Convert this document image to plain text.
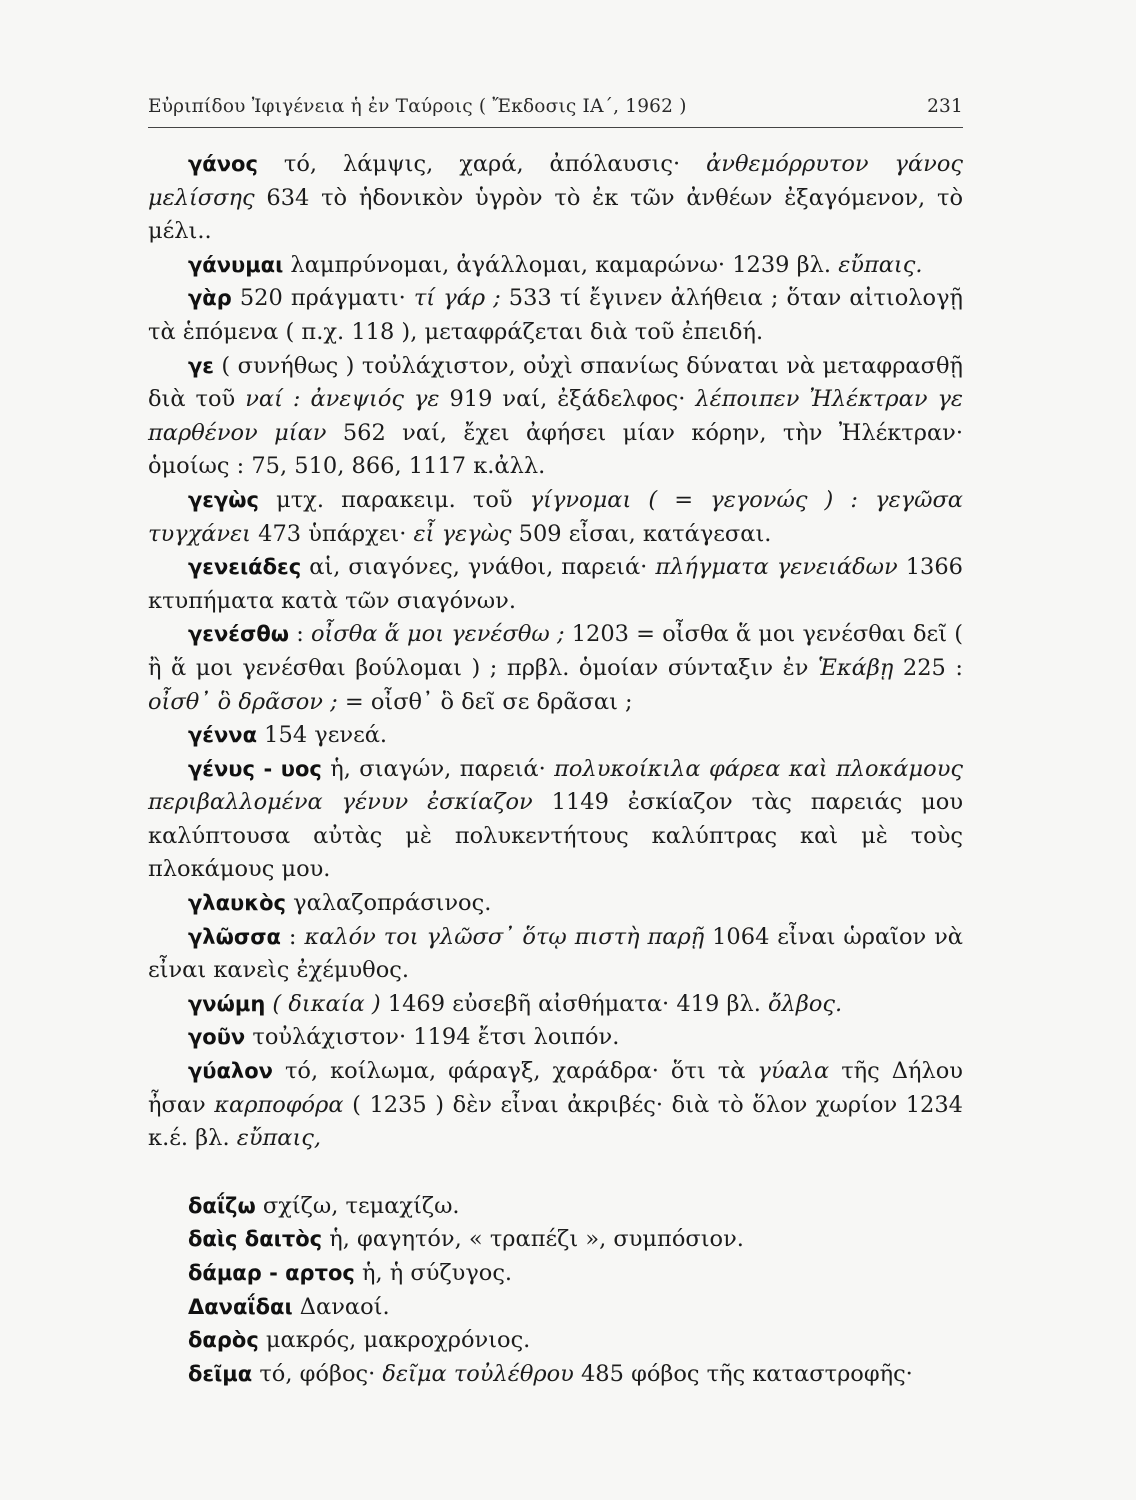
Εὐριπίδου Ἰφιγένεια ἡ ἐν Ταύροις ( Ἔκδοσις ΙΑ΄, 1962 )	231

γάνος τό, λάμψις, χαρά, ἀπόλαυσις· ἀνθεμόρρυτον γάνος μελίσσης 634 τὸ ἡδονικὸν ὑγρὸν τὸ ἐκ τῶν ἀνθέων ἐξαγόμενον, τὸ μέλι..

γάνυμαι λαμπρύνομαι, ἀγάλλομαι, καμαρώνω· 1239 βλ. εὔπαις.

γὰρ 520 πράγματι· τί γάρ ; 533 τί ἔγινεν ἀλήθεια ; ὅταν αἰτιολογῇ τὰ ἑπόμενα ( π.χ. 118 ), μεταφράζεται διὰ τοῦ ἐπειδή.

γε ( συνήθως ) τοὐλάχιστον, οὐχὶ σπανίως δύναται νὰ μεταφρασθῇ διὰ τοῦ ναί : ἀνεψιός γε 919 ναί, ἐξάδελφος· λέποιπεν Ἠλέκτραν γε παρθένον μίαν 562 ναί, ἔχει ἀφήσει μίαν κόρην, τὴν Ἠλέκτραν· ὁμοίως : 75, 510, 866, 1117 κ.ἀλλ.

γεγὼς μτχ. παρακειμ. τοῦ γίγνομαι ( = γεγονώς ) : γεγῶσα τυγχάνει 473 ὑπάρχει· εἶ γεγὼς 509 εἶσαι, κατάγεσαι.

γενειάδες αἱ, σιαγόνες, γνάθοι, παρειά· πλήγματα γενειάδων 1366 κτυπήματα κατὰ τῶν σιαγόνων.

γενέσθω : οἶσθα ἅ μοι γενέσθω ; 1203 = οἶσθα ἅ μοι γενέσθαι δεῖ ( ἢ ἅ μοι γενέσθαι βούλομαι ) ; πρβλ. ὁμοίαν σύνταξιν ἐν Ἑκάβῃ 225 : οἶσθ᾽ ὃ δρᾶσον ; = οἶσθ᾽ ὃ δεῖ σε δρᾶσαι ;

γέννα 154 γενεά.

γένυς - υος ἡ, σιαγών, παρειά· πολυκοίκιλα φάρεα καὶ πλοκάμους περιβαλλομένα γένυν ἐσκίαζον 1149 ἐσκίαζον τὰς παρειάς μου καλύπτουσα αὐτὰς μὲ πολυκεντήτους καλύπτρας καὶ μὲ τοὺς πλοκάμους μου.

γλαυκὸς γαλαζοπράσινος.

γλῶσσα : καλόν τοι γλῶσσ᾽ ὅτῳ πιστὴ παρῇ 1064 εἶναι ὡραῖον νὰ εἶναι κανεὶς ἐχέμυθος.

γνώμη ( δικαία ) 1469 εὐσεβῆ αἰσθήματα· 419 βλ. ὄλβος.

γοῦν τοὐλάχιστον· 1194 ἔτσι λοιπόν.

γύαλον τό, κοίλωμα, φάραγξ, χαράδρα· ὅτι τὰ γύαλα τῆς Δήλου ἦσαν καρποφόρα ( 1235 ) δὲν εἶναι ἀκριβές· διὰ τὸ ὅλον χωρίον 1234 κ.έ. βλ. εὔπαις,

δαΐζω σχίζω, τεμαχίζω.

δαὶς δαιτὸς ἡ, φαγητόν, « τραπέζι », συμπόσιον.

δάμαρ - αρτος ἡ, ἡ σύζυγος.

Δαναΐδαι Δαναοί.

δαρὸς μακρός, μακροχρόνιος.

δεῖμα τό, φόβος· δεῖμα τοὐλέθρου 485 φόβος τῆς καταστροφῆς·
